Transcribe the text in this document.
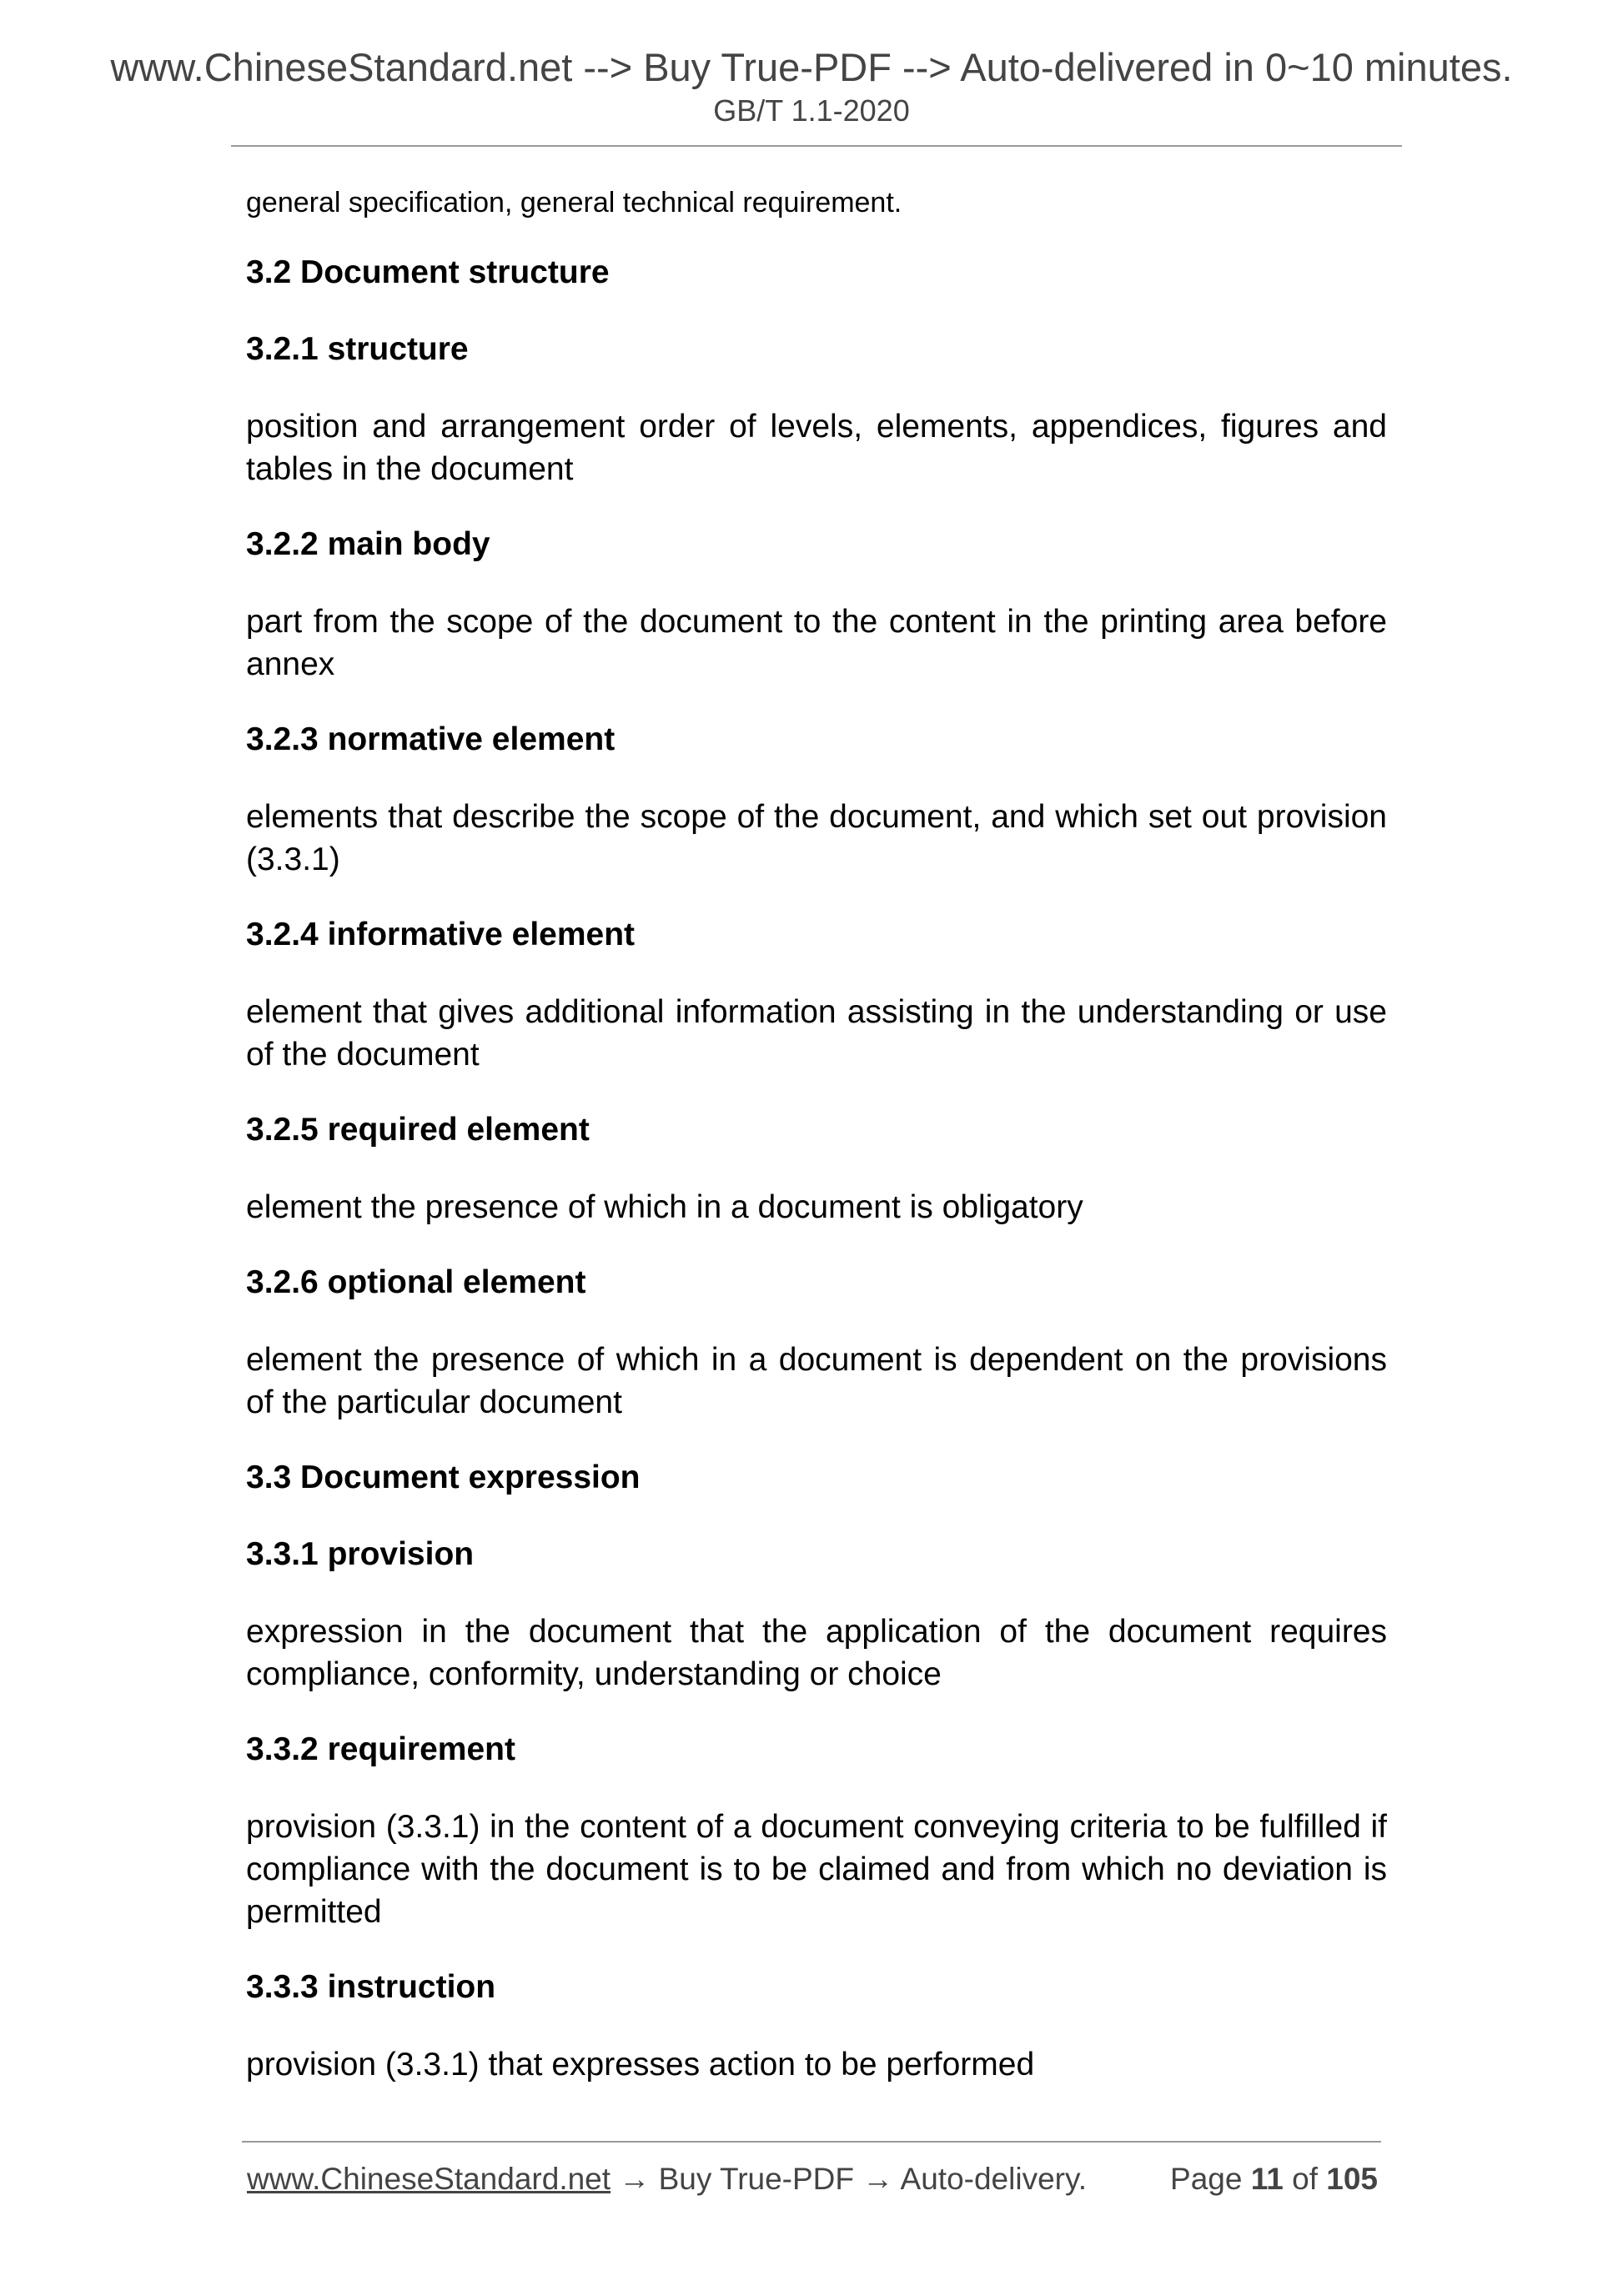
www.ChineseStandard.net --> Buy True-PDF --> Auto-delivered in 0~10 minutes.

GB/T 1.1-2020

general specification, general technical requirement.

3.2 Document structure
3.2.1 structure

position and arrangement order of levels, elements, appendices, figures and tables in the document

3.2.2 main body

part from the scope of the document to the content in the printing area before annex

3.2.3 normative element

elements that describe the scope of the document, and which set out provision (3.3.1)

3.2.4 informative element

element that gives additional information assisting in the understanding or use of the document

3.2.5 required element

element the presence of which in a document is obligatory

3.2.6 optional element

element the presence of which in a document is dependent on the provisions of the particular document

3.3 Document expression
3.3.1 provision

expression in the document that the application of the document requires compliance, conformity, understanding or choice

3.3.2 requirement

provision (3.3.1) in the content of a document conveying criteria to be fulfilled if compliance with the document is to be claimed and from which no deviation is permitted

3.3.3 instruction

provision (3.3.1) that expresses action to be performed

www.ChineseStandard.net → Buy True-PDF → Auto-delivery.	Page 11 of 105
